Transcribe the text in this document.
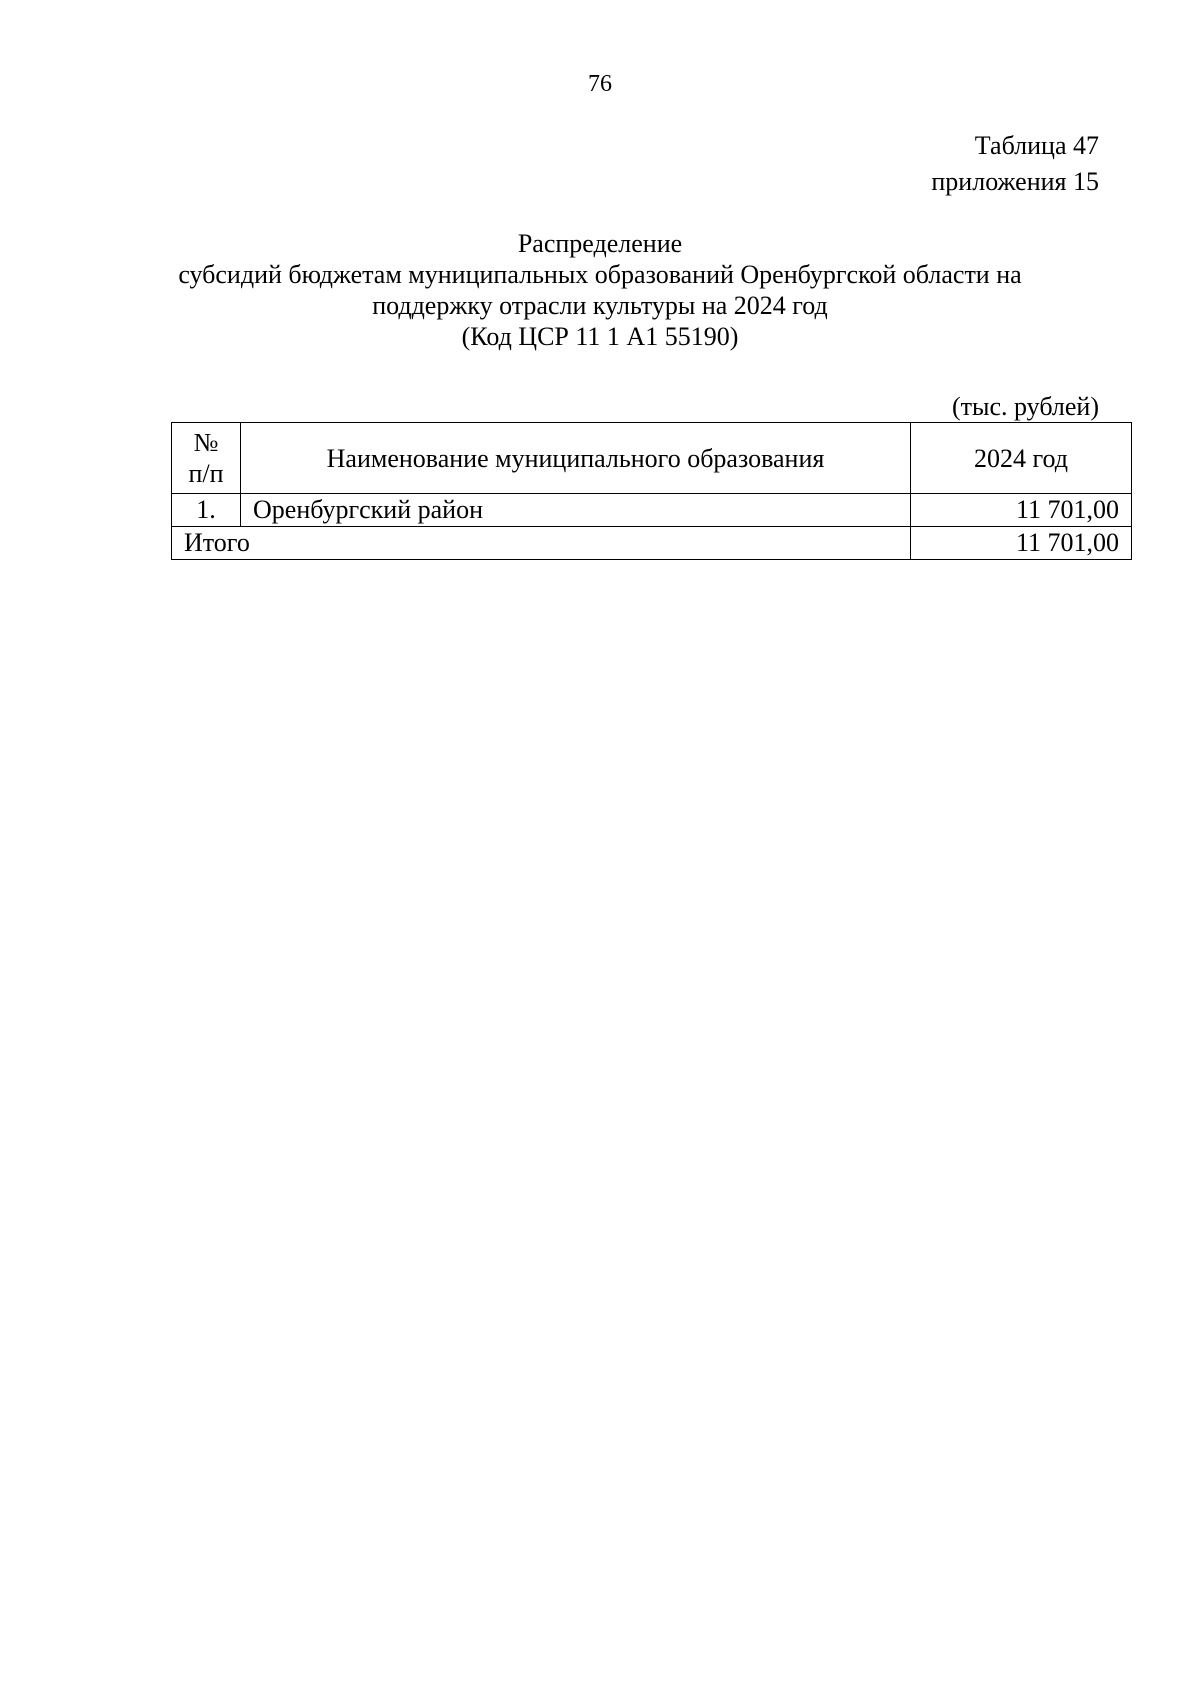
76
Таблица 47
приложения 15
Распределение
субсидий бюджетам муниципальных образований Оренбургской области на
поддержку отрасли культуры на 2024 год
(Код ЦСР 11 1 А1 55190)
(тыс. рублей)
№
п/п	Наименование муниципального образования	2024 год
1.	Оренбургский район	11 701,00
Итого		11 701,00
